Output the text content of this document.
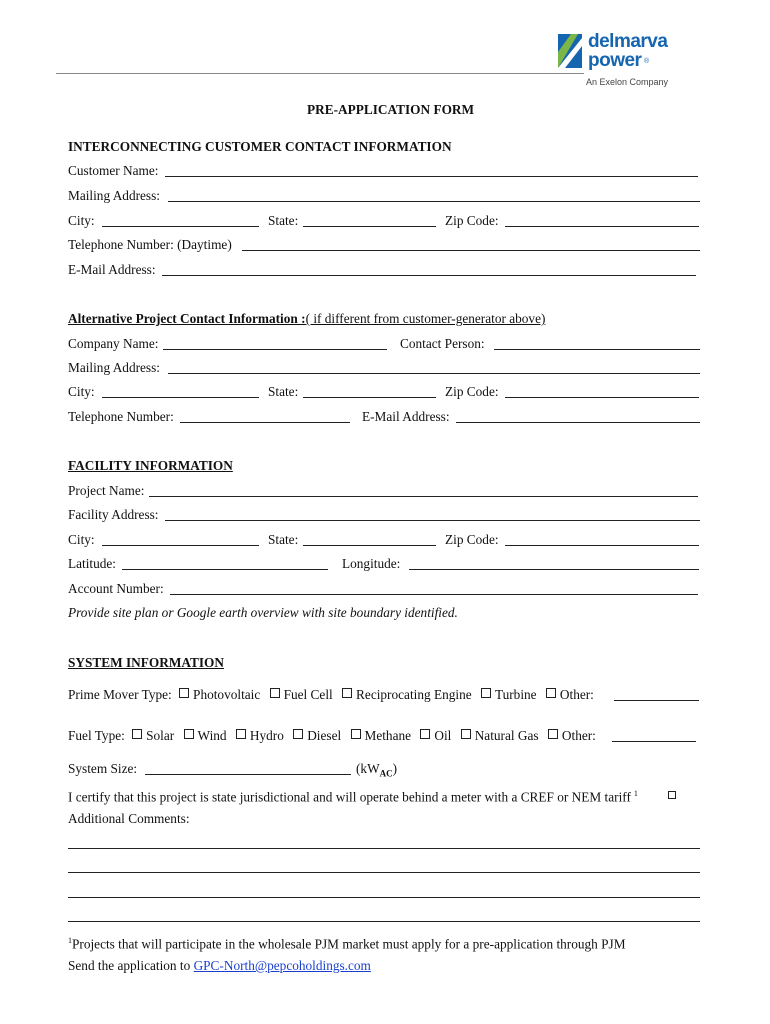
delmarva
power ®
An Exelon Company
PRE-APPLICATION FORM
INTERCONNECTING CUSTOMER CONTACT INFORMATION
Customer Name:
Mailing Address:
City:	State:	Zip Code:
Telephone Number: (Daytime)
E-Mail Address:
Alternative Project Contact Information :( if different from customer-generator above)
Company Name:	Contact Person:
Mailing Address:
City:	State:	Zip Code:
Telephone Number:	E-Mail Address:
FACILITY INFORMATION
Project Name:
Facility Address:
City:	State:	Zip Code:
Latitude:	Longitude:
Account Number:
Provide site plan or Google earth overview with site boundary identified.
SYSTEM INFORMATION
Prime Mover Type: Photovoltaic Fuel Cell Reciprocating Engine Turbine Other:
Fuel Type: Solar Wind Hydro Diesel Methane Oil Natural Gas Other:
System Size:	$(kW_{AC})$
I certify that this project is state jurisdictional and will operate behind a meter with a CREF or NEM tariff $^1$
Additional Comments:
$^1$Projects that will participate in the wholesale PJM market must apply for a pre-application through PJM
Send the application to GPC-North@pepcoholdings.com
